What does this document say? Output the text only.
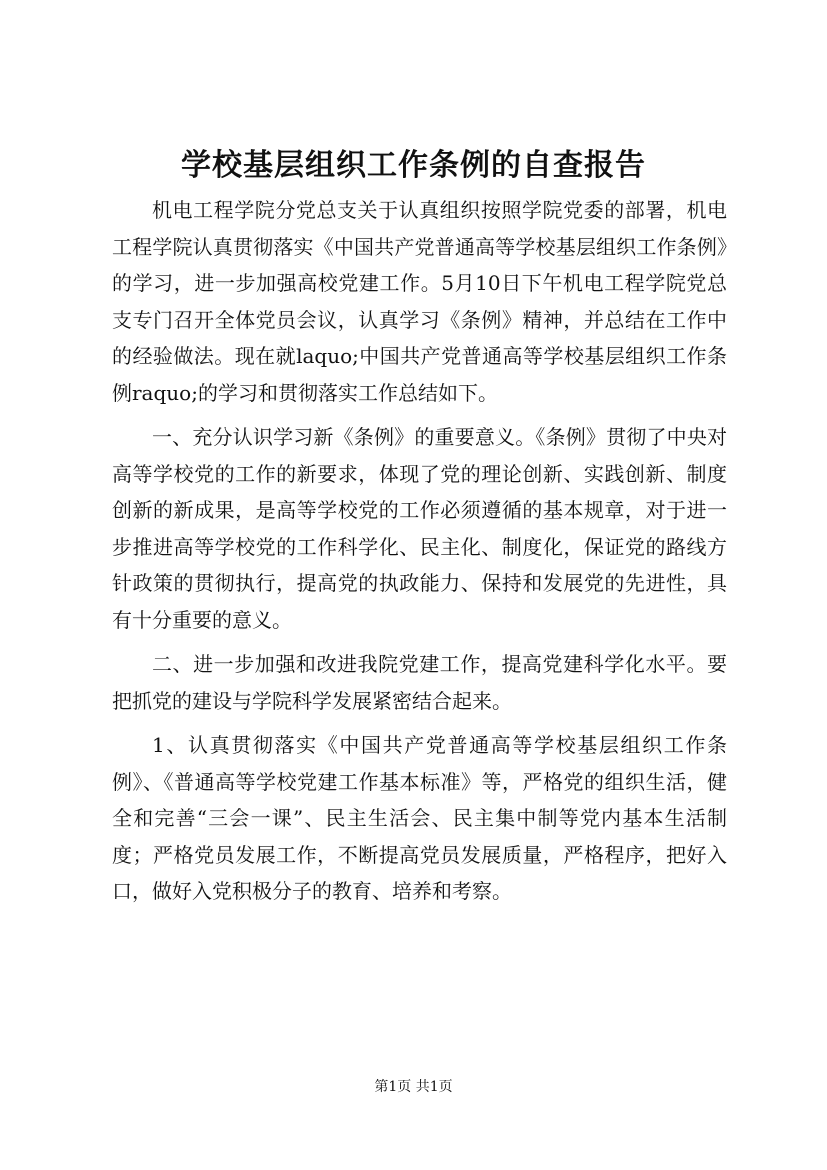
学校基层组织工作条例的自查报告

机电工程学院分党总支关于认真组织按照学院党委的部署，机电工程学院认真贯彻落实《中国共产党普通高等学校基层组织工作条例》的学习，进一步加强高校党建工作。5月10日下午机电工程学院党总支专门召开全体党员会议，认真学习《条例》精神，并总结在工作中的经验做法。现在就laquo;中国共产党普通高等学校基层组织工作条例raquo;的学习和贯彻落实工作总结如下。

一、充分认识学习新《条例》的重要意义。《条例》贯彻了中央对高等学校党的工作的新要求，体现了党的理论创新、实践创新、制度创新的新成果，是高等学校党的工作必须遵循的基本规章，对于进一步推进高等学校党的工作科学化、民主化、制度化，保证党的路线方针政策的贯彻执行，提高党的执政能力、保持和发展党的先进性，具有十分重要的意义。

二、进一步加强和改进我院党建工作，提高党建科学化水平。要把抓党的建设与学院科学发展紧密结合起来。

1、认真贯彻落实《中国共产党普通高等学校基层组织工作条例》、《普通高等学校党建工作基本标准》等，严格党的组织生活，健全和完善“三会一课”、民主生活会、民主集中制等党内基本生活制度；严格党员发展工作，不断提高党员发展质量，严格程序，把好入口，做好入党积极分子的教育、培养和考察。

第1页 共1页
